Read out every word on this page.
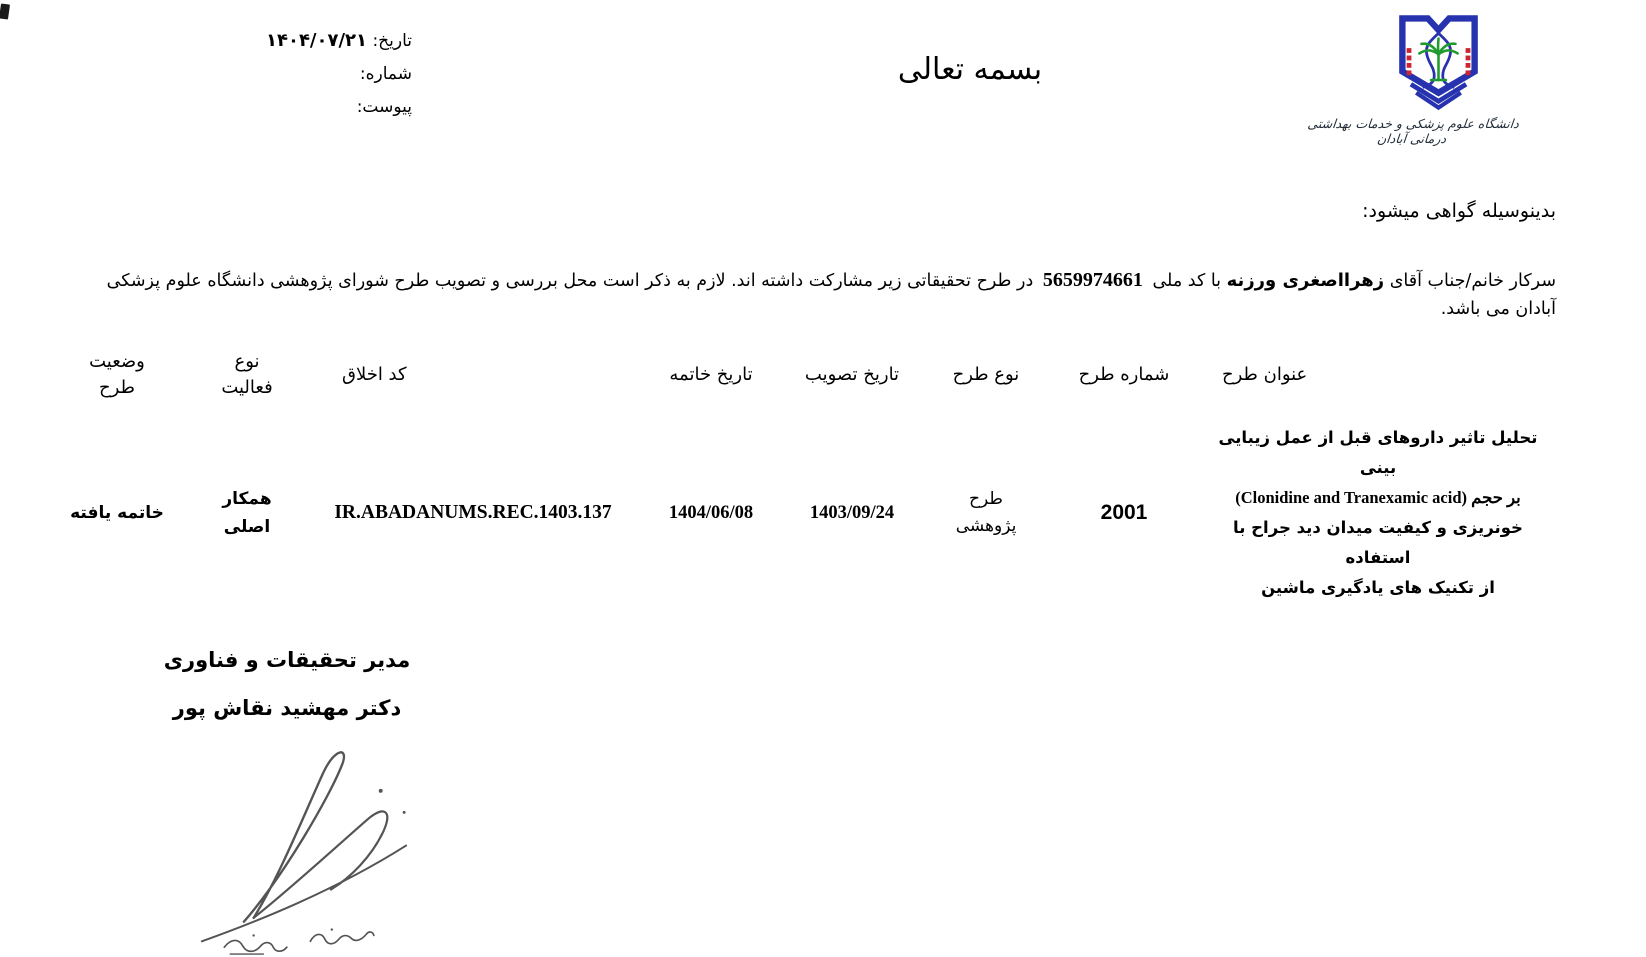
تاریخ: ۱۴۰۴/۰۷/۲۱
شماره:
پیوست:
بسمه تعالی
دانشگاه علوم پزشکی و خدمات بهداشتی درمانی آبادان
بدینوسیله گواهی میشود:
سرکار خانم/جناب آقای زهرااصغری ورزنه با کد ملی 5659974661 در طرح تحقیقاتی زیر مشارکت داشته اند. لازم به ذکر است محل بررسی و تصویب طرح شورای پژوهشی دانشگاه علوم پزشکی آبادان می باشد.
عنوان طرح
شماره طرح
نوع طرح
تاریخ تصویب
تاریخ خاتمه
کد اخلاق
نوع
فعالیت
وضعیت
طرح
تحلیل تاثیر داروهای قبل از عمل زیبایی بینی
بر حجم (Clonidine and Tranexamic acid)
خونریزی و کیفیت میدان دید جراح با استفاده
از تکنیک های یادگیری ماشین
2001
طرح
پژوهشی
1403/09/24
1404/06/08
IR.ABADANUMS.REC.1403.137
همکار
اصلی
خاتمه یافته
مدیر تحقیقات و فناوری
دکتر مهشید نقاش پور
